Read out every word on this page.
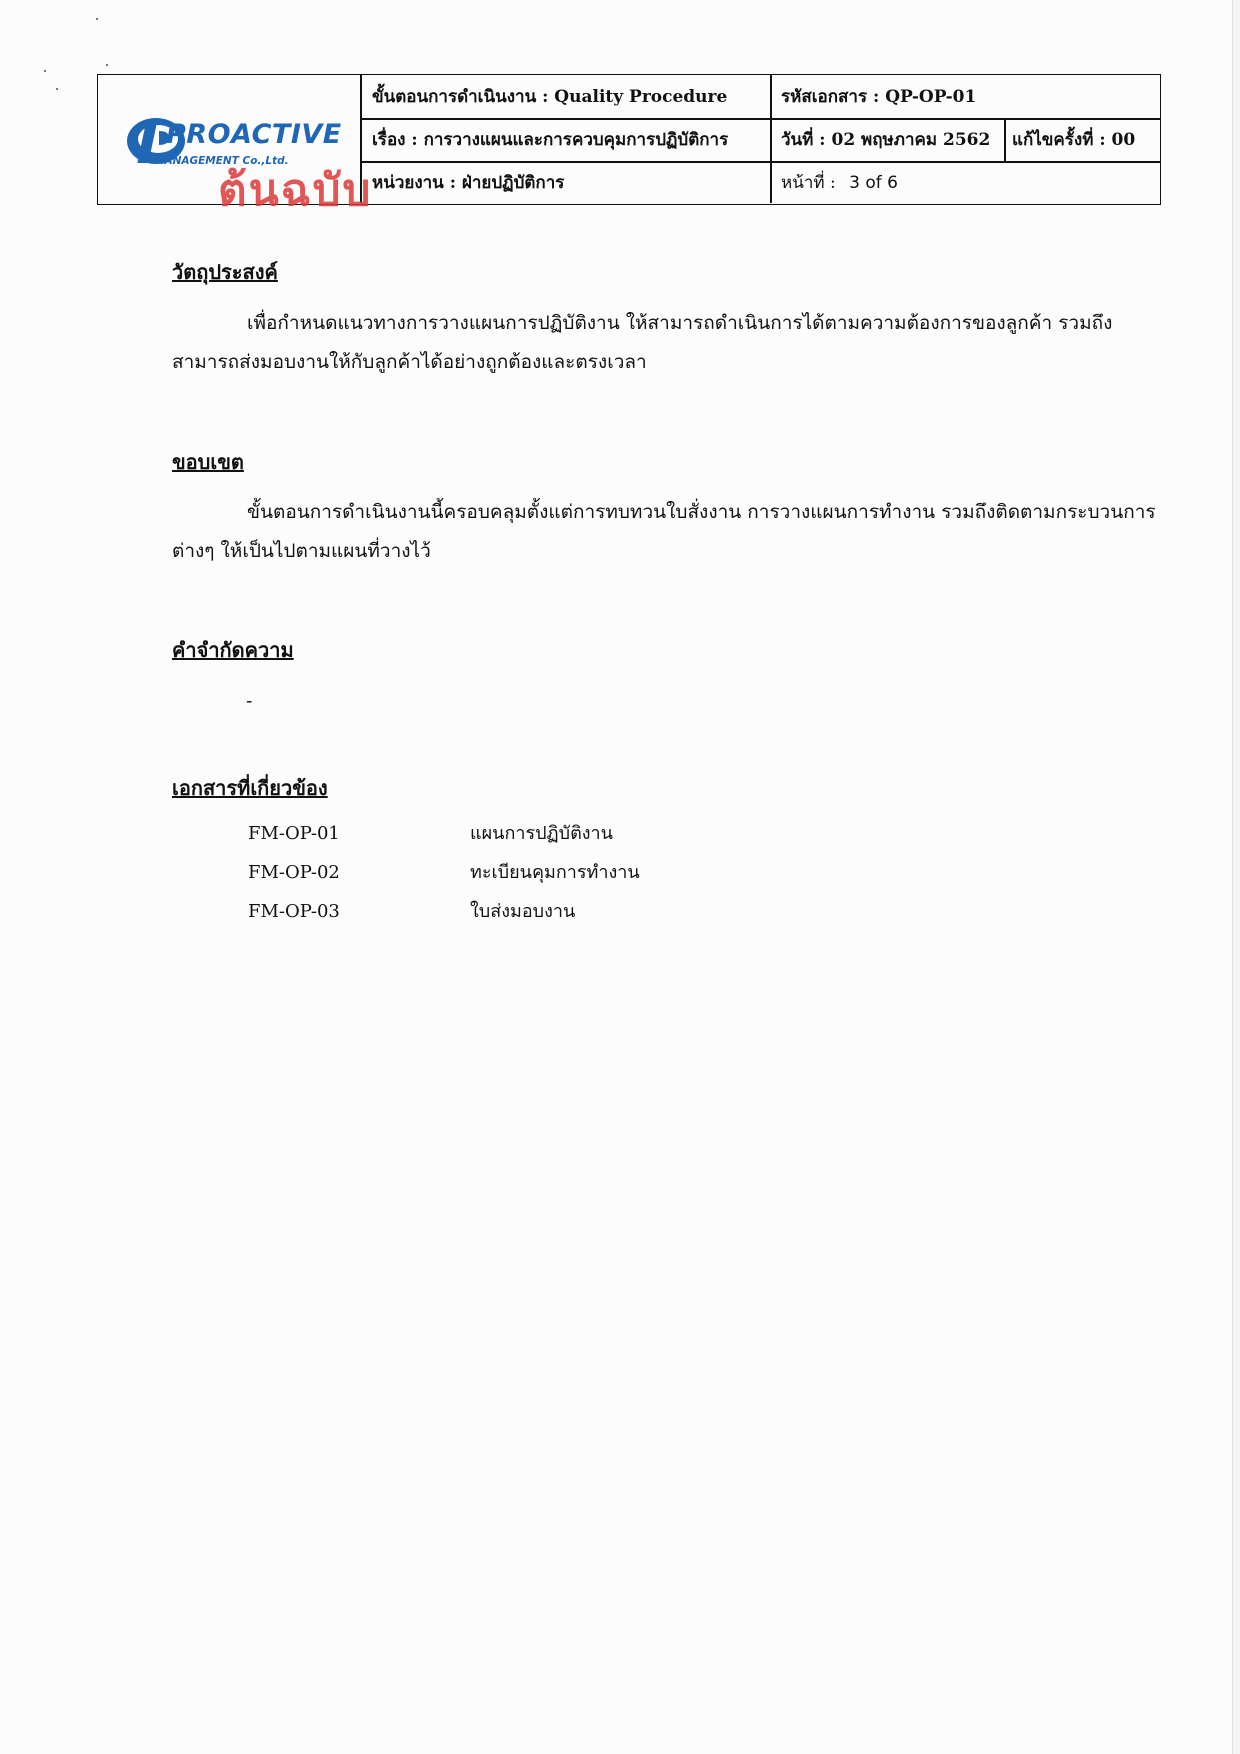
PROACTIVE
MANAGEMENT Co.,Ltd.
ต้นฉบับ
ขั้นตอนการดำเนินงาน : Quality Procedure	รหัสเอกสาร : QP-OP-01
เรื่อง : การวางแผนและการควบคุมการปฏิบัติการ	วันที่ : 02 พฤษภาคม 2562 แก้ไขครั้งที่ : 00
หน่วยงาน : ฝ่ายปฏิบัติการ	หน้าที่ : 3 of 6
วัตถุประสงค์
เพื่อกำหนดแนวทางการวางแผนการปฏิบัติงาน ให้สามารถดำเนินการได้ตามความต้องการของลูกค้า รวมถึงสามารถส่งมอบงานให้กับลูกค้าได้อย่างถูกต้องและตรงเวลา
ขอบเขต
ขั้นตอนการดำเนินงานนี้ครอบคลุมตั้งแต่การทบทวนใบสั่งงาน การวางแผนการทำงาน รวมถึงติดตามกระบวนการต่างๆ ให้เป็นไปตามแผนที่วางไว้
คำจำกัดความ
-
เอกสารที่เกี่ยวข้อง
FM-OP-01	แผนการปฏิบัติงาน
FM-OP-02	ทะเบียนคุมการทำงาน
FM-OP-03	ใบส่งมอบงาน
